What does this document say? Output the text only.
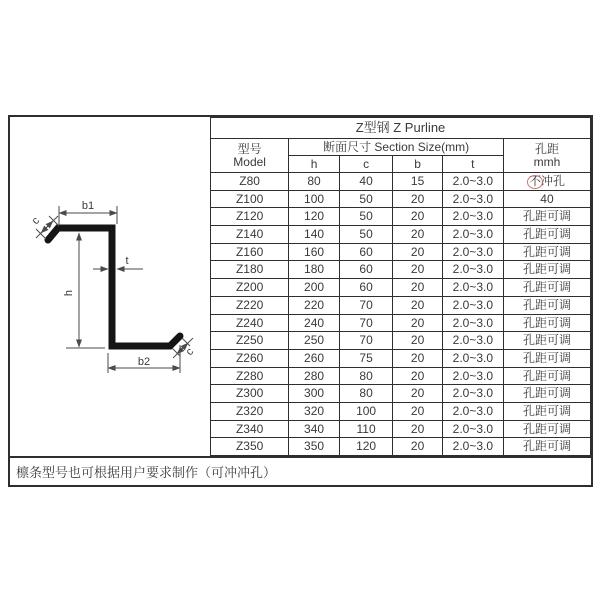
b1
h
t
b2
c
c
Z型钢 Z Purline					
型号
Model	断面尺寸 Section Size(mm)				孔距
mmh
	h	c	b	t	
Z80	80	40	15	2.0~3.0	不冲孔
Z100	100	50	20	2.0~3.0	40
Z120	120	50	20	2.0~3.0	孔距可调
Z140	140	50	20	2.0~3.0	孔距可调
Z160	160	60	20	2.0~3.0	孔距可调
Z180	180	60	20	2.0~3.0	孔距可调
Z200	200	60	20	2.0~3.0	孔距可调
Z220	220	70	20	2.0~3.0	孔距可调
Z240	240	70	20	2.0~3.0	孔距可调
Z250	250	70	20	2.0~3.0	孔距可调
Z260	260	75	20	2.0~3.0	孔距可调
Z280	280	80	20	2.0~3.0	孔距可调
Z300	300	80	20	2.0~3.0	孔距可调
Z320	320	100	20	2.0~3.0	孔距可调
Z340	340	110	20	2.0~3.0	孔距可调
Z350	350	120	20	2.0~3.0	孔距可调
檩条型号也可根据用户要求制作（可冲冲孔）
